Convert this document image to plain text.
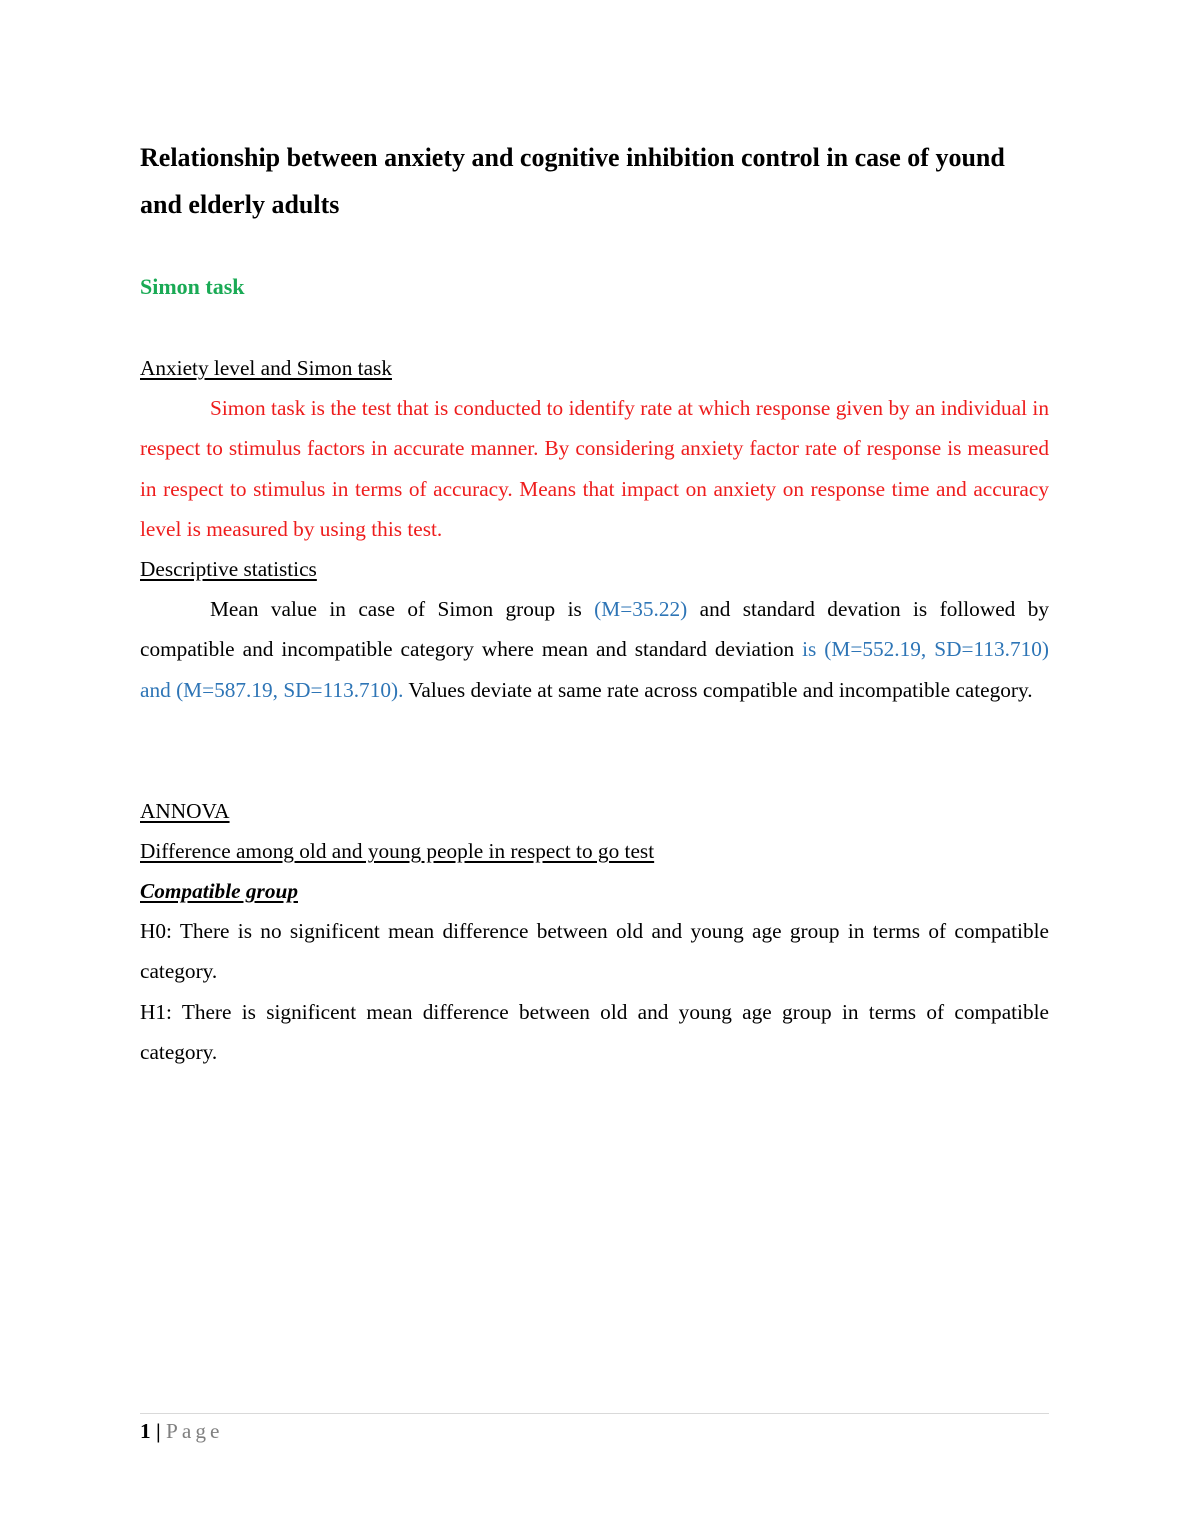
Relationship between anxiety and cognitive inhibition control in case of yound and elderly adults
Simon task

Anxiety level and Simon task

Simon task is the test that is conducted to identify rate at which response given by an individual in respect to stimulus factors in accurate manner. By considering anxiety factor rate of response is measured in respect to stimulus in terms of accuracy. Means that impact on anxiety on response time and accuracy level is measured by using this test.

Descriptive statistics

Mean value in case of Simon group is (M=35.22) and standard devation is followed by compatible and incompatible category where mean and standard deviation is (M=552.19, SD=113.710) and (M=587.19, SD=113.710). Values deviate at same rate across compatible and incompatible category.

ANNOVA

Difference among old and young people in respect to go test

Compatible group

H0: There is no significent mean difference between old and young age group in terms of compatible category.

H1: There is significent mean difference between old and young age group in terms of compatible category.

1 | Page
